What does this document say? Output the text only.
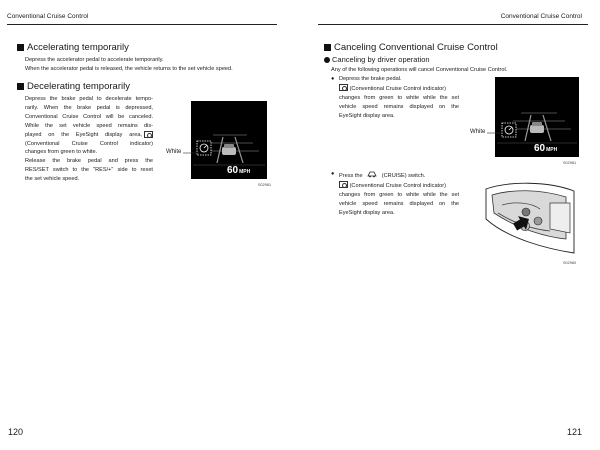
Conventional Cruise Control	Conventional Cruise Control
Accelerating temporarily
Depress the accelerator pedal to accelerate temporarily.
When the accelerator pedal is released, the vehicle returns to the set vehicle speed.
Decelerating temporarily
Depress the brake pedal to decelerate tempo-
rarily. When the brake pedal is depressed,
Conventional Cruise Control will be canceled.
While the set vehicle speed remains dis-
played on the EyeSight display area,
(Conventional Cruise Control indicator)
changes from green to white.
Release the brake pedal and press the
RES/SET switch to the "RES/+" side to reset
the set vehicle speed.
60MPH
White
S02981
Canceling Conventional Cruise Control
Canceling by driver operation
Any of the following operations will cancel Conventional Cruise Control.
● Depress the brake pedal.
(Conventional Cruise Control indicator)
changes from green to white while the set
vehicle speed remains displayed on the
EyeSight display area.
60MPH
White
S02981
● Press the	(CRUISE) switch.
(Conventional Cruise Control indicator)
changes from green to white while the set
vehicle speed remains displayed on the
EyeSight display area.
S02980
120	121
